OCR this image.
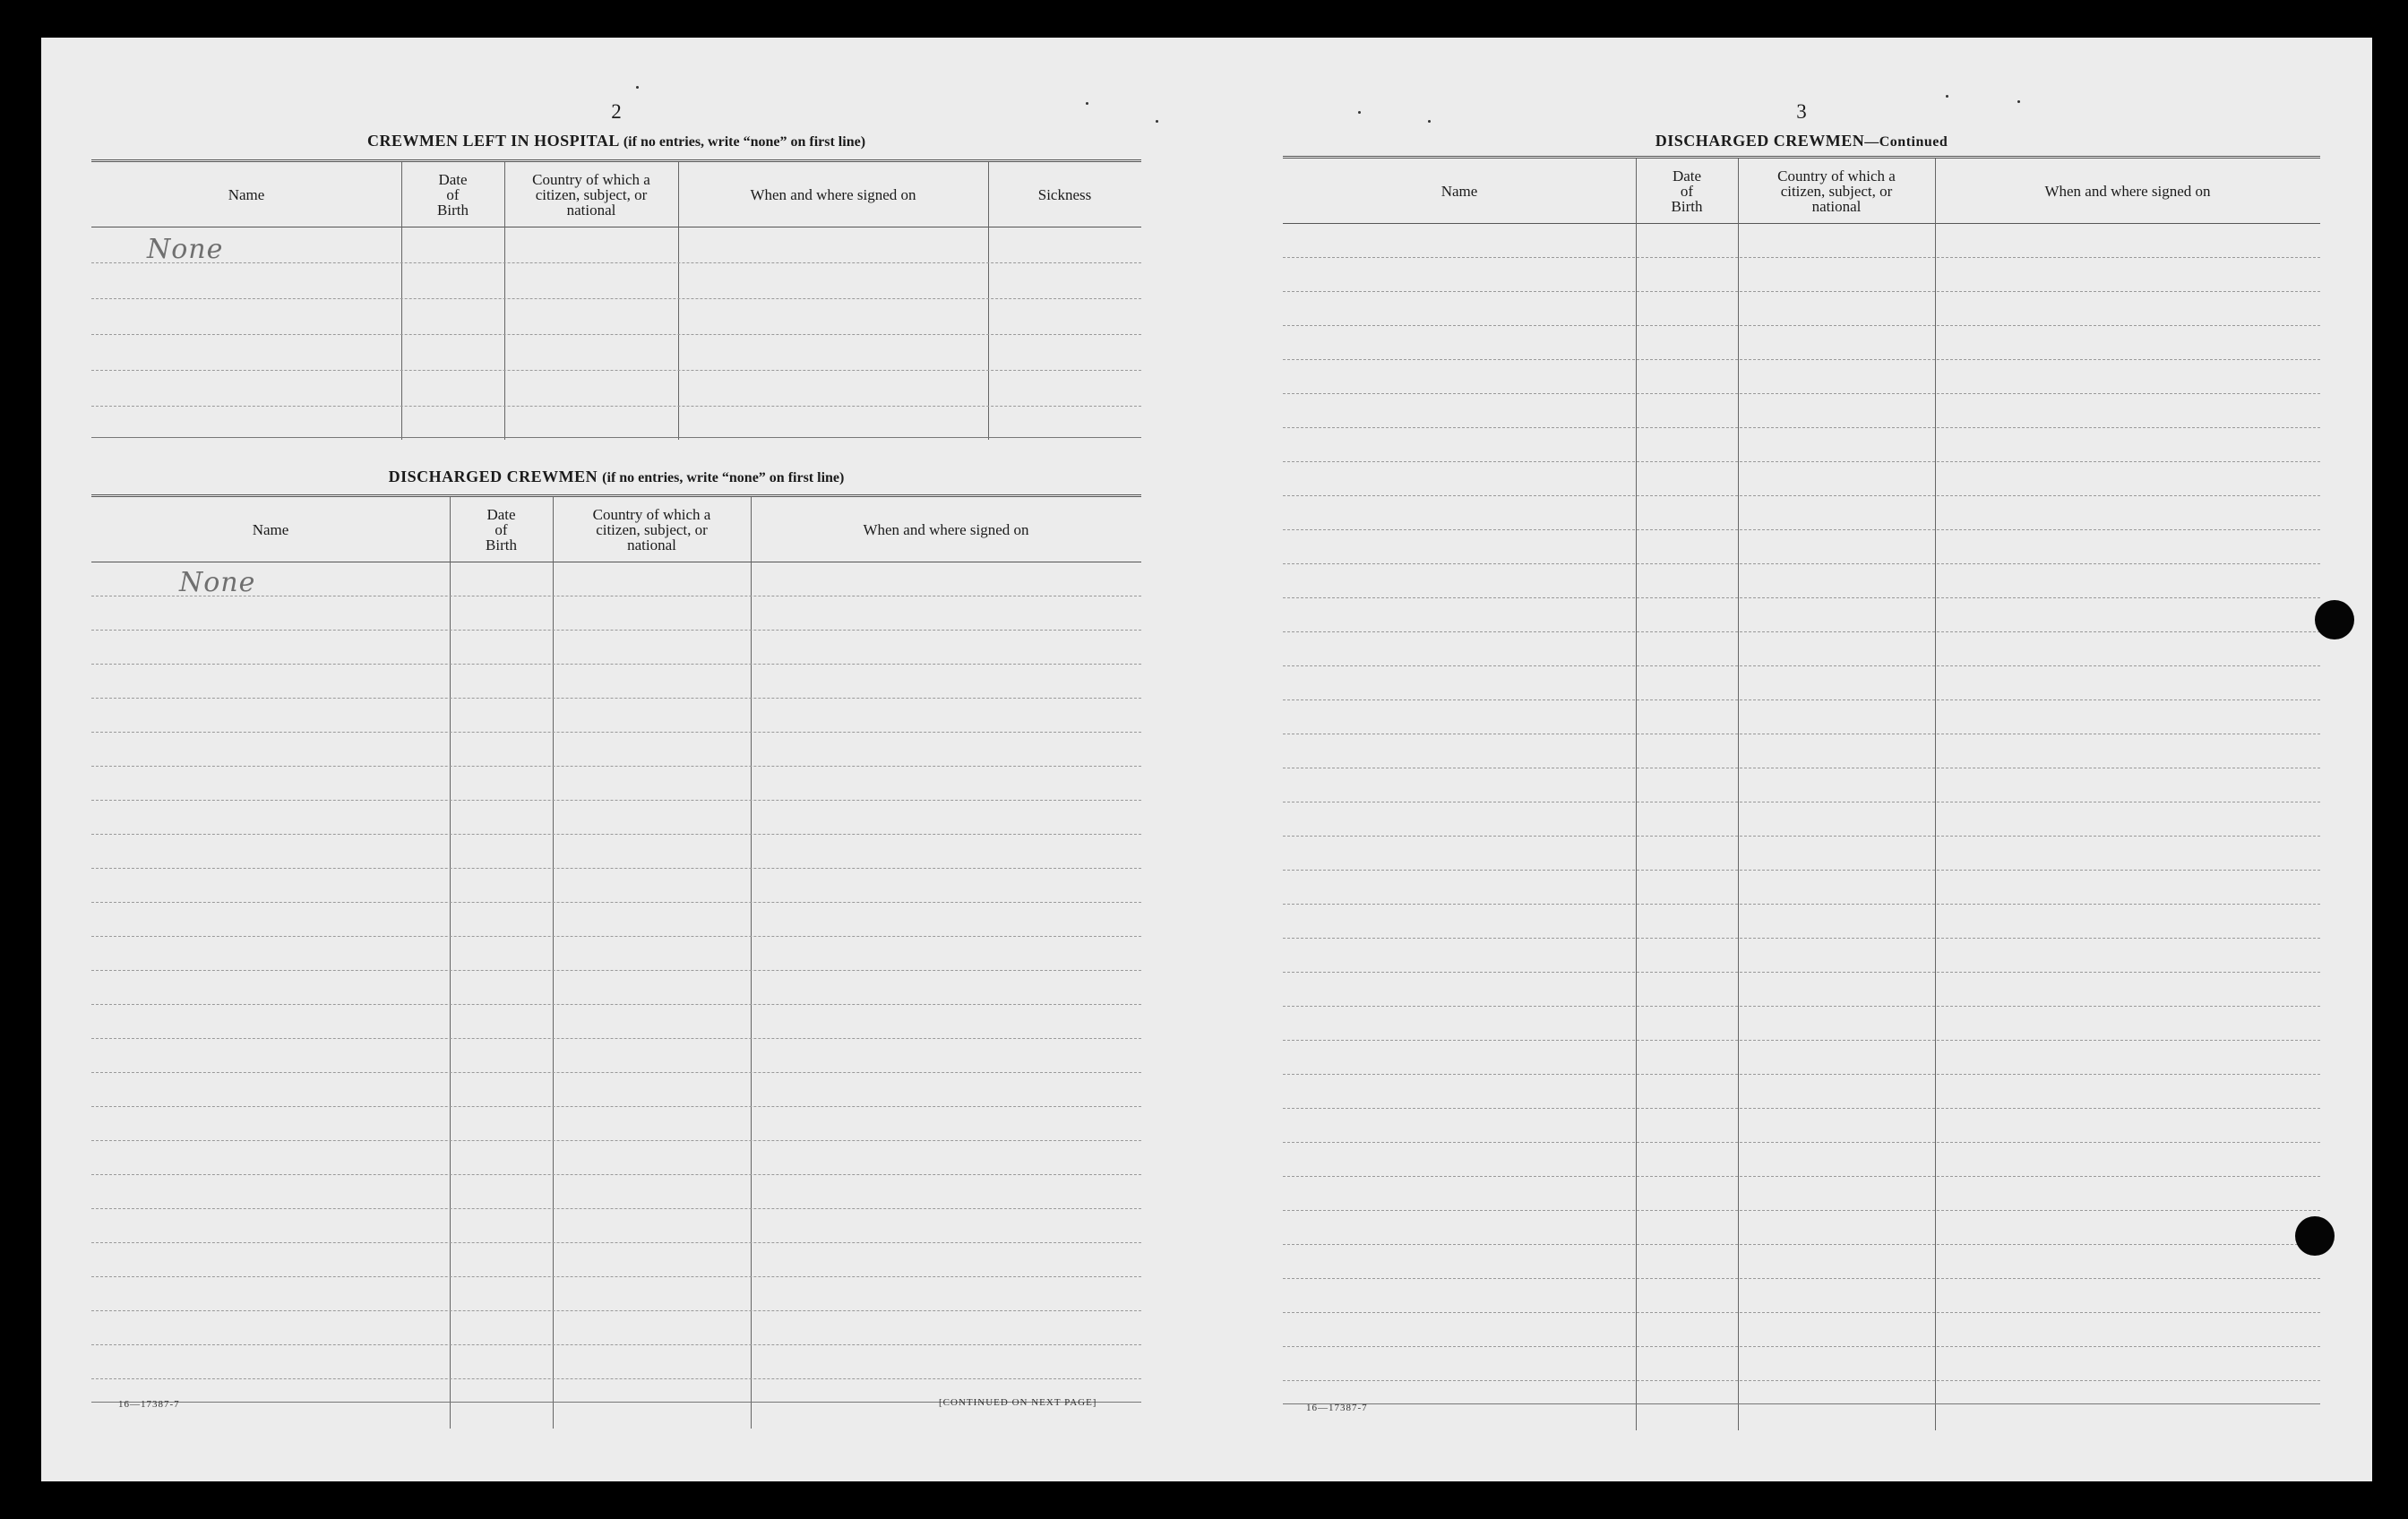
2
CREWMEN LEFT IN HOSPITAL (if no entries, write “none” on first line)
Name
Date
of
Birth
Country of which a
citizen, subject, or
national
When and where signed on	Sickness
None
DISCHARGED CREWMEN (if no entries, write “none” on first line)
Name
Date
of
Birth
Country of which a
citizen, subject, or
national
When and where signed on
None
16—17387-7	[CONTINUED ON NEXT PAGE]
3
DISCHARGED CREWMEN—Continued
Name
Date
of
Birth
Country of which a
citizen, subject, or
national
When and where signed on
16—17387-7
